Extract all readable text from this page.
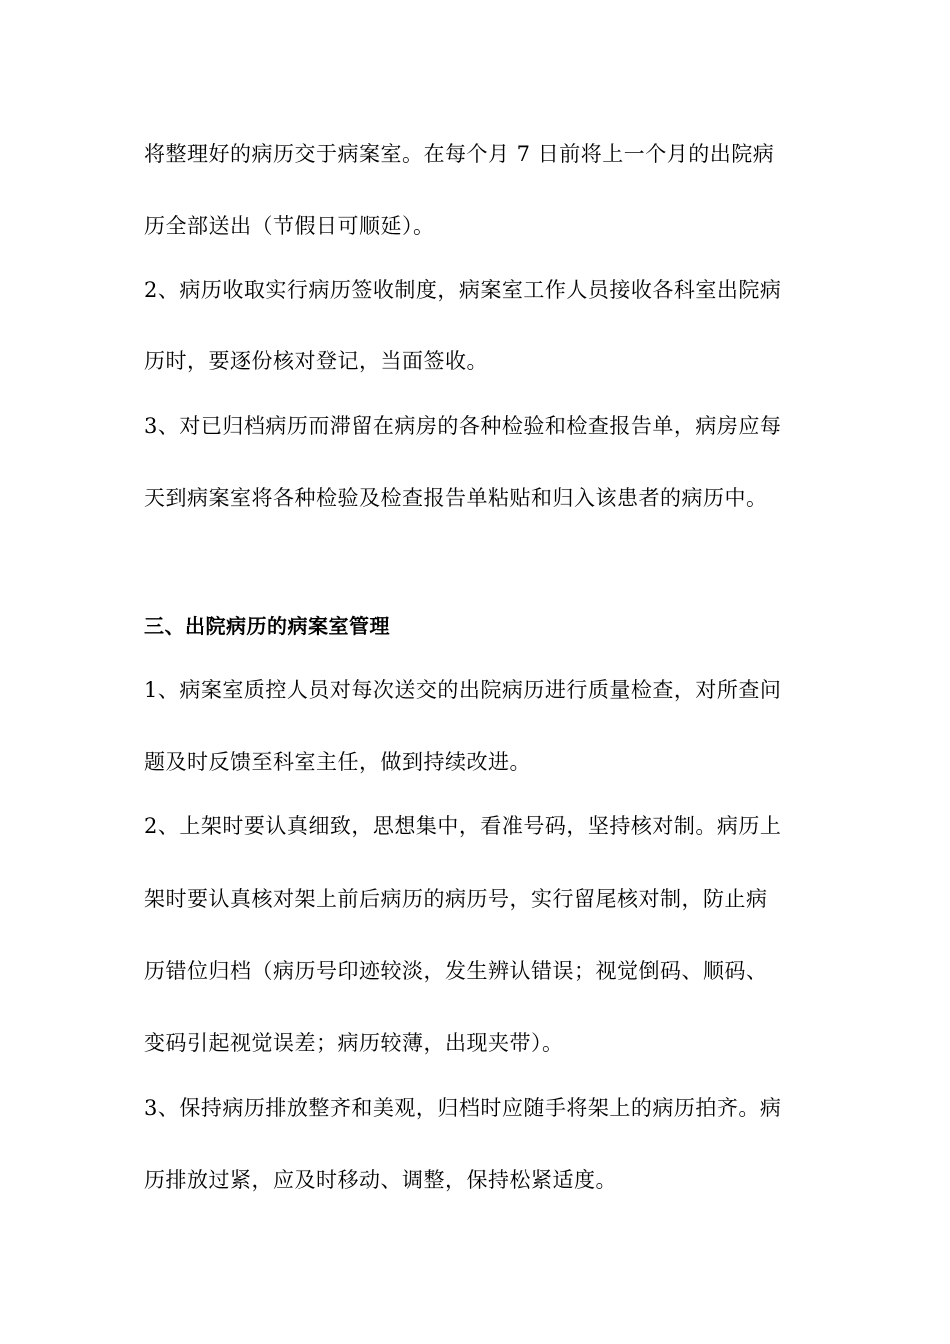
将整理好的病历交于病案室。在每个月 7 日前将上一个月的出院病
历全部送出（节假日可顺延）。
2、病历收取实行病历签收制度，病案室工作人员接收各科室出院病
历时，要逐份核对登记，当面签收。
3、对已归档病历而滞留在病房的各种检验和检查报告单，病房应每
天到病案室将各种检验及检查报告单粘贴和归入该患者的病历中。
三、出院病历的病案室管理
1、病案室质控人员对每次送交的出院病历进行质量检查，对所查问
题及时反馈至科室主任，做到持续改进。
2、上架时要认真细致，思想集中，看准号码，坚持核对制。病历上
架时要认真核对架上前后病历的病历号，实行留尾核对制，防止病
历错位归档（病历号印迹较淡，发生辨认错误；视觉倒码、顺码、
变码引起视觉误差；病历较薄，出现夹带）。
3、保持病历排放整齐和美观，归档时应随手将架上的病历拍齐。病
历排放过紧，应及时移动、调整，保持松紧适度。
